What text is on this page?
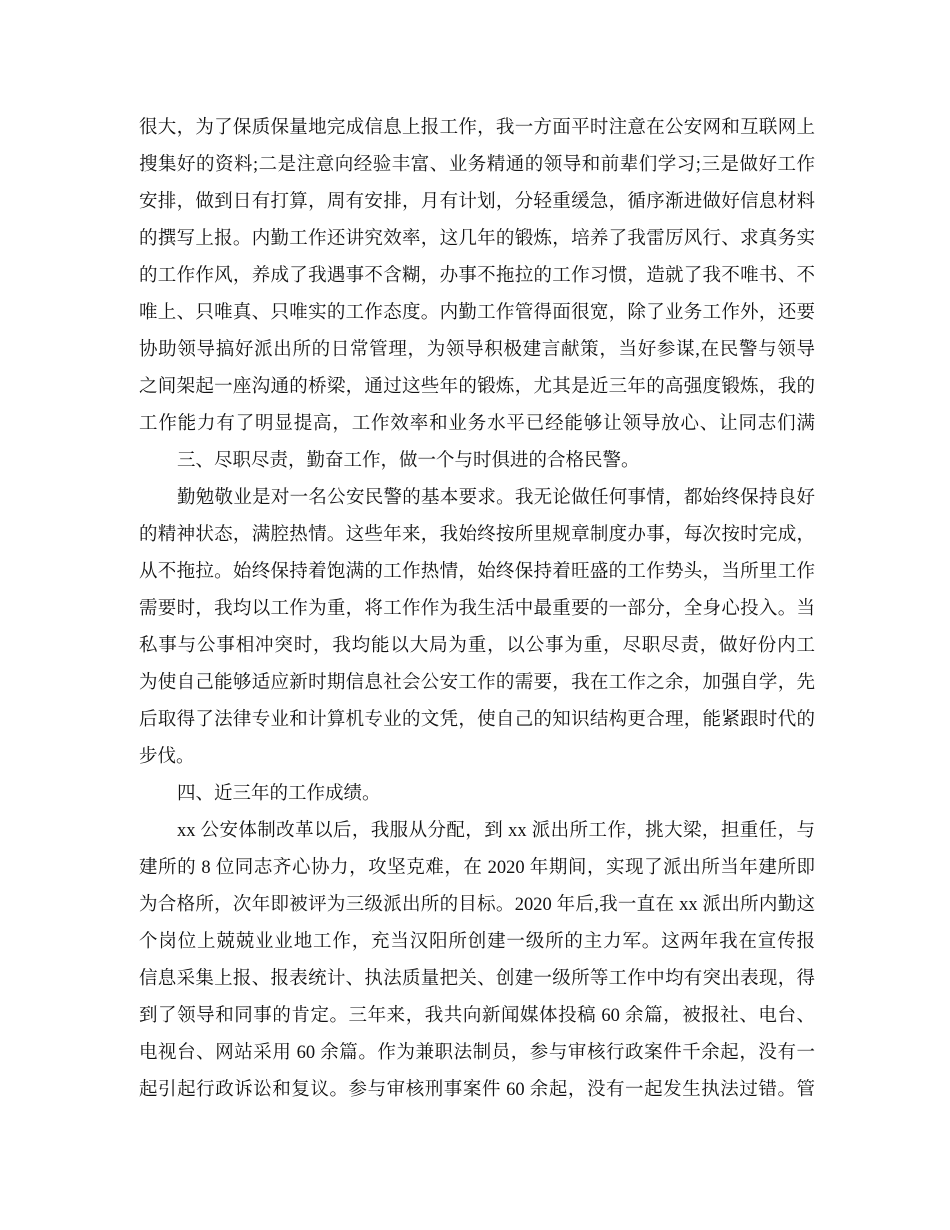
很大，为了保质保量地完成信息上报工作，我一方面平时注意在公安网和互联网上
搜集好的资料;二是注意向经验丰富、业务精通的领导和前辈们学习;三是做好工作
安排，做到日有打算，周有安排，月有计划，分轻重缓急，循序渐进做好信息材料
的撰写上报。内勤工作还讲究效率，这几年的锻炼，培养了我雷厉风行、求真务实
的工作作风，养成了我遇事不含糊，办事不拖拉的工作习惯，造就了我不唯书、不
唯上、只唯真、只唯实的工作态度。内勤工作管得面很宽，除了业务工作外，还要
协助领导搞好派出所的日常管理，为领导积极建言献策，当好参谋,在民警与领导
之间架起一座沟通的桥梁，通过这些年的锻炼，尤其是近三年的高强度锻炼，我的
工作能力有了明显提高，工作效率和业务水平已经能够让领导放心、让同志们满
三、尽职尽责，勤奋工作，做一个与时俱进的合格民警。
勤勉敬业是对一名公安民警的基本要求。我无论做任何事情，都始终保持良好
的精神状态，满腔热情。这些年来，我始终按所里规章制度办事，每次按时完成，
从不拖拉。始终保持着饱满的工作热情，始终保持着旺盛的工作势头，当所里工作
需要时，我均以工作为重，将工作作为我生活中最重要的一部分，全身心投入。当
私事与公事相冲突时，我均能以大局为重，以公事为重，尽职尽责，做好份内工
为使自己能够适应新时期信息社会公安工作的需要，我在工作之余，加强自学，先
后取得了法律专业和计算机专业的文凭，使自己的知识结构更合理，能紧跟时代的
步伐。
四、近三年的工作成绩。
xx 公安体制改革以后，我服从分配，到 xx 派出所工作，挑大梁，担重任，与
建所的 8 位同志齐心协力，攻坚克难，在 2020 年期间，实现了派出所当年建所即
为合格所，次年即被评为三级派出所的目标。2020 年后,我一直在 xx 派出所内勤这
个岗位上兢兢业业地工作，充当汉阳所创建一级所的主力军。这两年我在宣传报
信息采集上报、报表统计、执法质量把关、创建一级所等工作中均有突出表现，得
到了领导和同事的肯定。三年来，我共向新闻媒体投稿 60 余篇，被报社、电台、
电视台、网站采用 60 余篇。作为兼职法制员，参与审核行政案件千余起，没有一
起引起行政诉讼和复议。参与审核刑事案件 60 余起，没有一起发生执法过错。管
